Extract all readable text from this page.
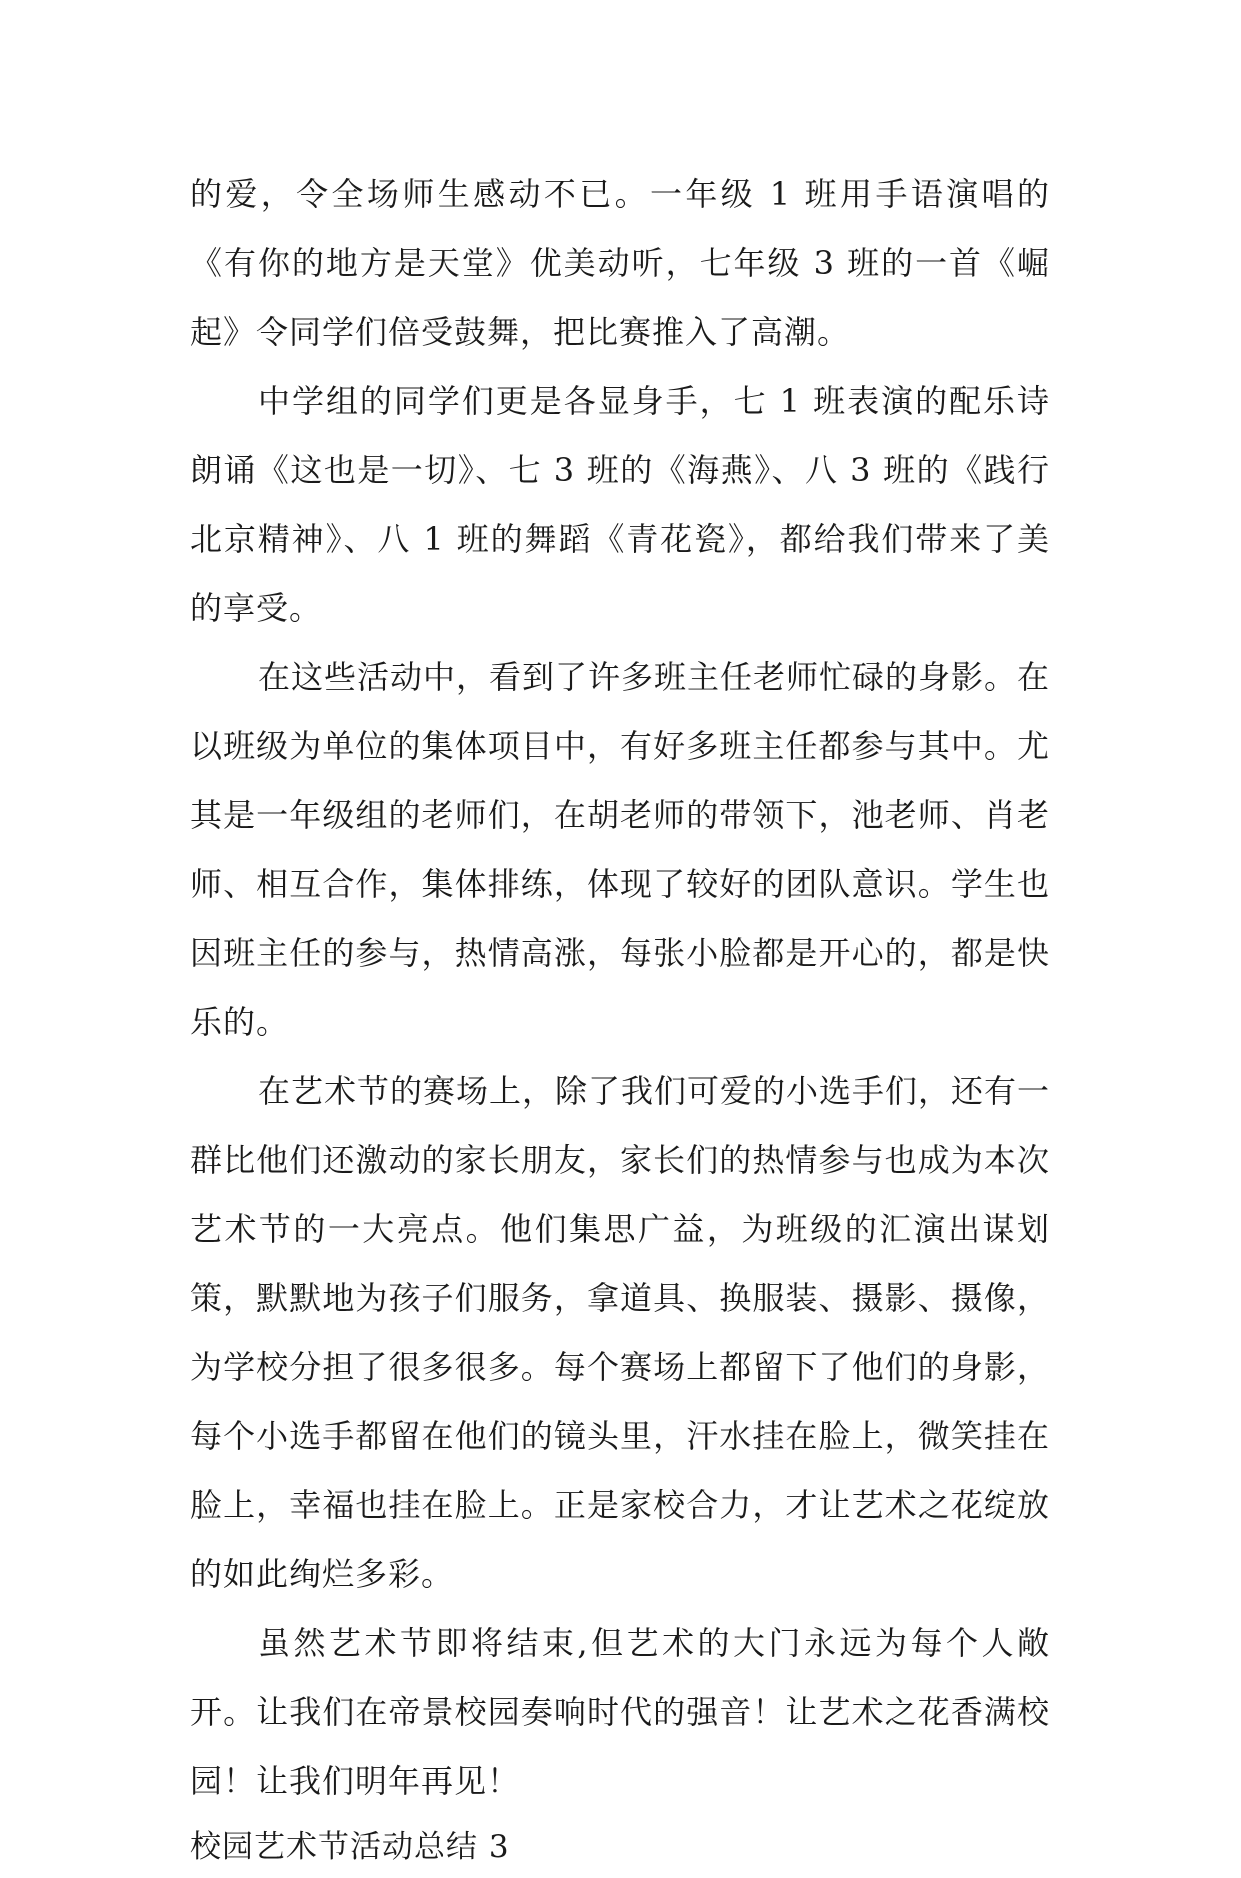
的爱，令全场师生感动不已。一年级 1 班用手语演唱的《有你的地方是天堂》优美动听，七年级 3 班的一首《崛起》令同学们倍受鼓舞，把比赛推入了高潮。

中学组的同学们更是各显身手，七 1 班表演的配乐诗朗诵《这也是一切》、七 3 班的《海燕》、八 3 班的《践行北京精神》、八 1 班的舞蹈《青花瓷》，都给我们带来了美的享受。

在这些活动中，看到了许多班主任老师忙碌的身影。在以班级为单位的集体项目中，有好多班主任都参与其中。尤其是一年级组的老师们，在胡老师的带领下，池老师、肖老师、相互合作，集体排练，体现了较好的团队意识。学生也因班主任的参与，热情高涨，每张小脸都是开心的，都是快乐的。

在艺术节的赛场上，除了我们可爱的小选手们，还有一群比他们还激动的家长朋友，家长们的热情参与也成为本次艺术节的一大亮点。他们集思广益，为班级的汇演出谋划策，默默地为孩子们服务，拿道具、换服装、摄影、摄像，为学校分担了很多很多。每个赛场上都留下了他们的身影，每个小选手都留在他们的镜头里，汗水挂在脸上，微笑挂在脸上，幸福也挂在脸上。正是家校合力，才让艺术之花绽放的如此绚烂多彩。

虽然艺术节即将结束,但艺术的大门永远为每个人敞开。让我们在帝景校园奏响时代的强音！让艺术之花香满校园！让我们明年再见！

校园艺术节活动总结 3
